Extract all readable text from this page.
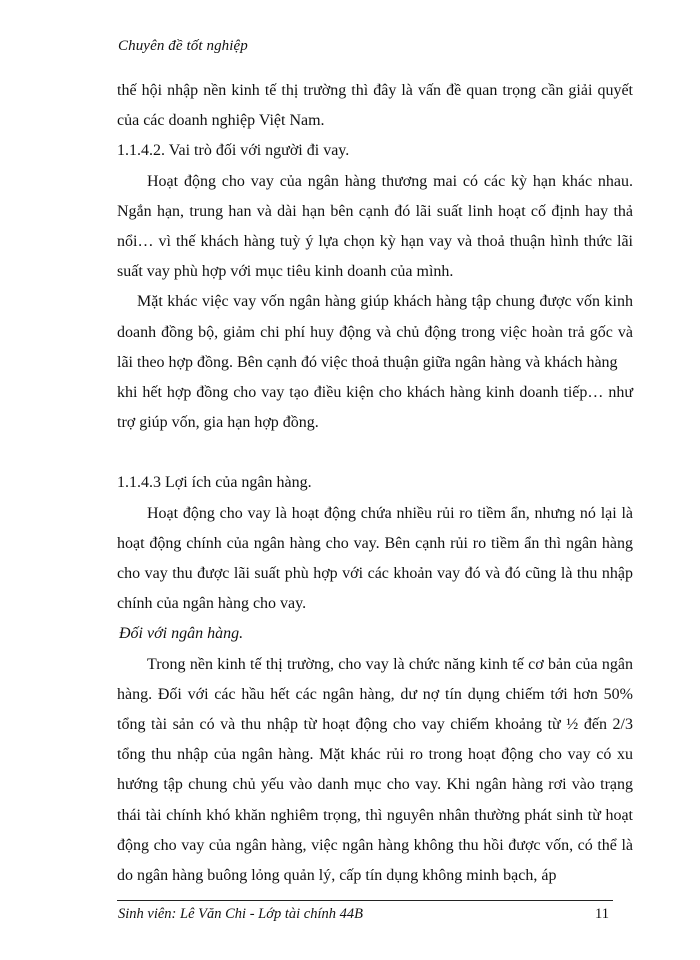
Chuyên đề tốt nghiệp

thế hội nhập nền kinh tế thị trường thì đây là vấn đề quan trọng cần giải quyết của các doanh nghiệp Việt Nam.

1.1.4.2. Vai trò đối với người đi vay.

Hoạt động cho vay của ngân hàng thương mai có các kỳ hạn khác nhau. Ngắn hạn, trung han và dài hạn bên cạnh đó lãi suất linh hoạt cố định hay thả nổi… vì thế khách hàng tuỳ ý lựa chọn kỳ hạn vay và thoả thuận hình thức lãi suất vay phù hợp với mục tiêu kinh doanh của mình.

Mặt khác việc vay vốn ngân hàng giúp khách hàng tập chung được vốn kinh doanh đồng bộ, giảm chi phí huy động và chủ động trong việc hoàn trả gốc và lãi theo hợp đồng. Bên cạnh đó việc thoả thuận giữa ngân hàng và khách hàng

khi hết hợp đồng cho vay tạo điều kiện cho khách hàng kinh doanh tiếp… như trợ giúp vốn, gia hạn hợp đồng.

1.1.4.3 Lợi ích của ngân hàng.

Hoạt động cho vay là hoạt động chứa nhiều rủi ro tiềm ẩn, nhưng nó lại là hoạt động chính của ngân hàng cho vay. Bên cạnh rủi ro tiềm ẩn thì ngân hàng cho vay thu được lãi suất phù hợp với các khoản vay đó và đó cũng là thu nhập chính của ngân hàng cho vay.

Đối với ngân hàng.

Trong nền kinh tế thị trường, cho vay là chức năng kinh tế cơ bản của ngân hàng. Đối với các hầu hết các ngân hàng, dư nợ tín dụng chiếm tới hơn 50% tổng tài sản có và thu nhập từ hoạt động cho vay chiếm khoảng từ ½ đến 2/3 tổng thu nhập của ngân hàng. Mặt khác rủi ro trong hoạt động cho vay có xu hướng tập chung chủ yếu vào danh mục cho vay. Khi ngân hàng rơi vào trạng thái tài chính khó khăn nghiêm trọng, thì nguyên nhân thường phát sinh từ hoạt động cho vay của ngân hàng, việc ngân hàng không thu hồi được vốn, có thể là do ngân hàng buông lỏng quản lý, cấp tín dụng không minh bạch, áp

Sinh viên: Lê Văn Chi - Lớp tài chính 44B	11
